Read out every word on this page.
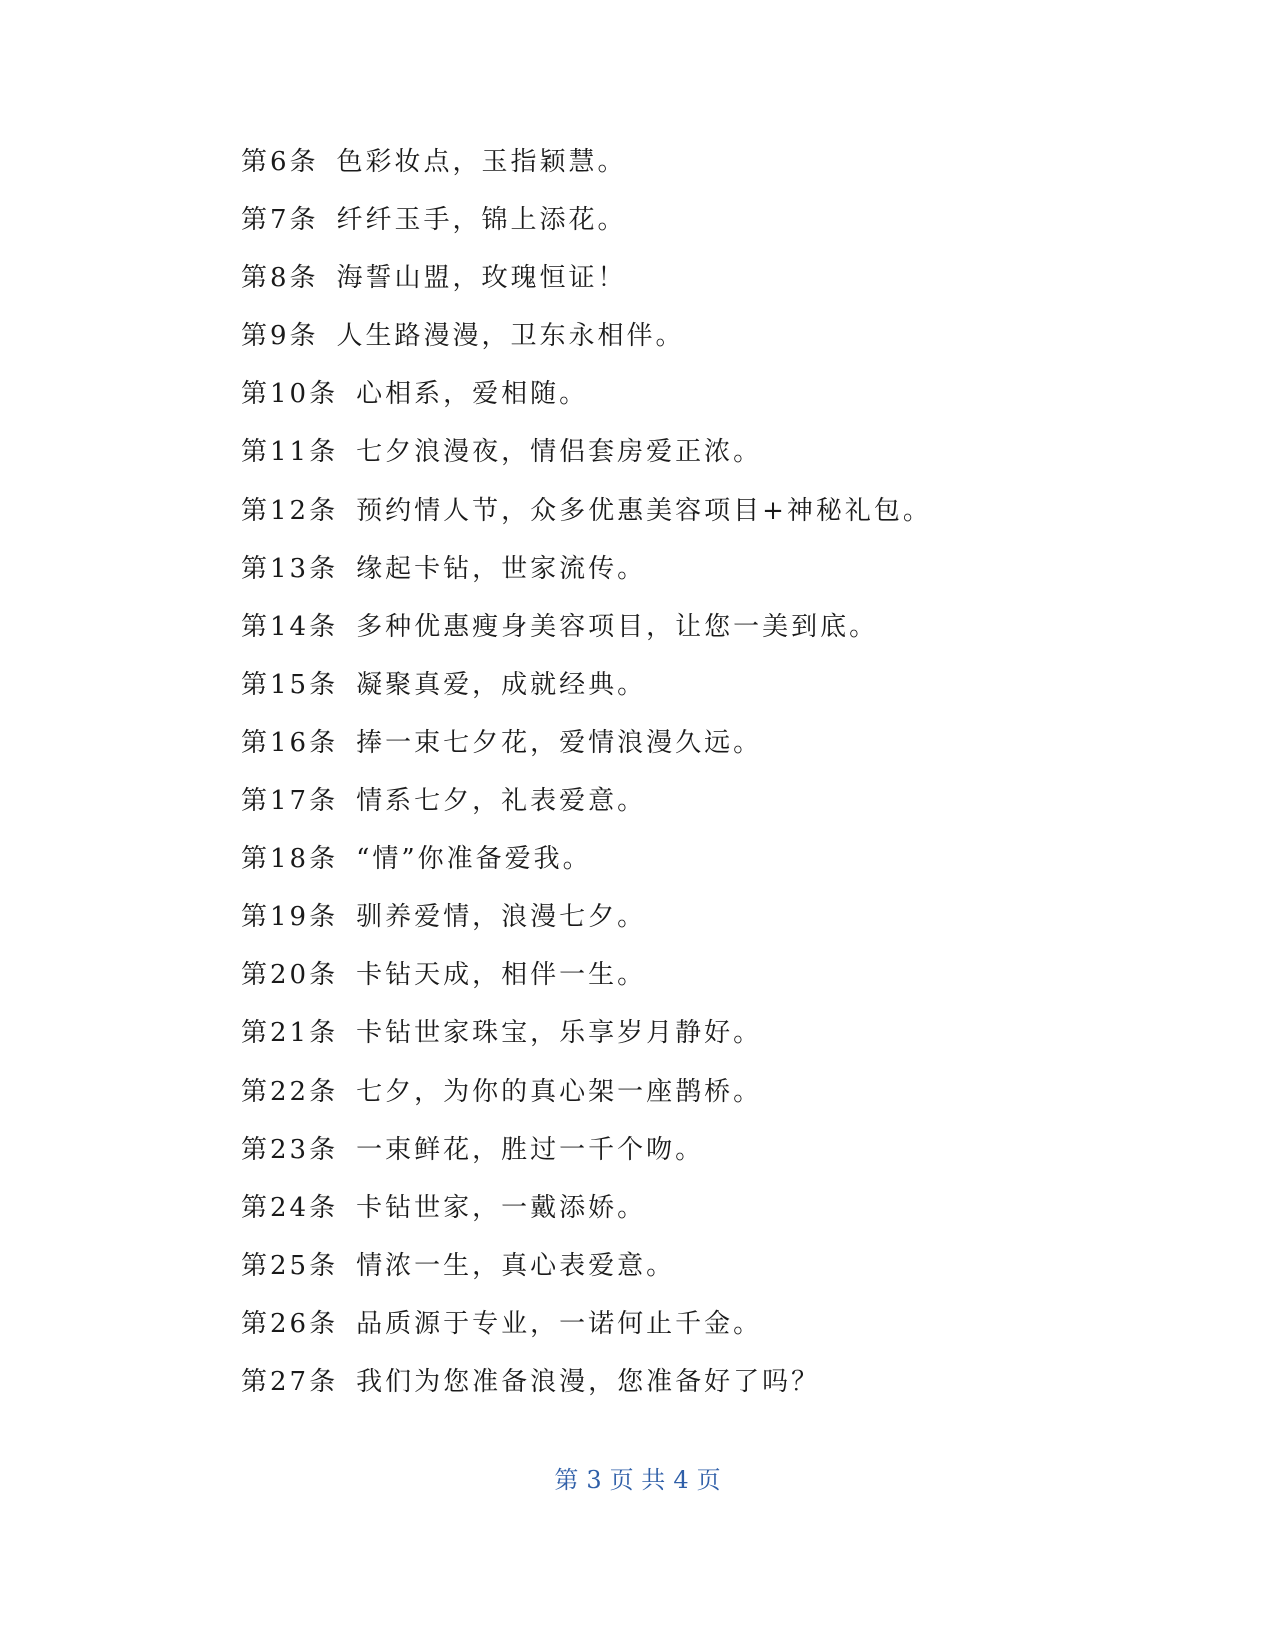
第6条 色彩妆点，玉指颖慧。
第7条 纤纤玉手，锦上添花。
第8条 海誓山盟，玫瑰恒证！
第9条 人生路漫漫，卫东永相伴。
第10条 心相系，爱相随。
第11条 七夕浪漫夜，情侣套房爱正浓。
第12条 预约情人节，众多优惠美容项目+神秘礼包。
第13条 缘起卡钻，世家流传。
第14条 多种优惠瘦身美容项目，让您一美到底。
第15条 凝聚真爱，成就经典。
第16条 捧一束七夕花，爱情浪漫久远。
第17条 情系七夕，礼表爱意。
第18条 “情”你准备爱我。
第19条 驯养爱情，浪漫七夕。
第20条 卡钻天成，相伴一生。
第21条 卡钻世家珠宝，乐享岁月静好。
第22条 七夕，为你的真心架一座鹊桥。
第23条 一束鲜花，胜过一千个吻。
第24条 卡钻世家，一戴添娇。
第25条 情浓一生，真心表爱意。
第26条 品质源于专业，一诺何止千金。
第27条 我们为您准备浪漫，您准备好了吗？
第 3 页 共 4 页
